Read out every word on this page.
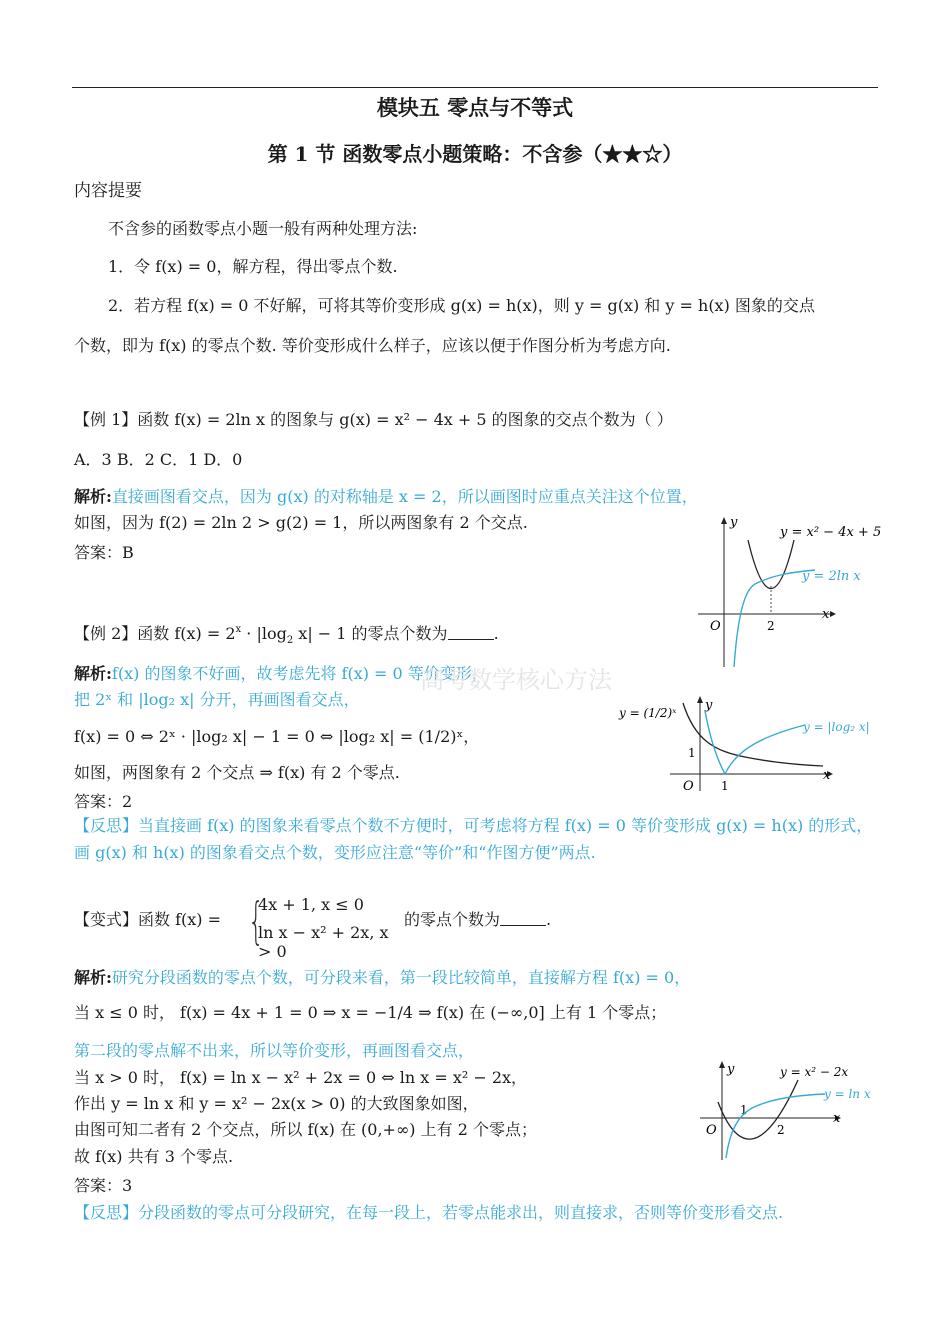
模块五 零点与不等式
第 1 节 函数零点小题策略：不含参（★★☆）
内容提要
不含参的函数零点小题一般有两种处理方法:
1．令 f(x) = 0，解方程，得出零点个数.
2．若方程 f(x) = 0 不好解，可将其等价变形成 g(x) = h(x)，则 y = g(x) 和 y = h(x) 图象的交点
个数，即为 f(x) 的零点个数. 等价变形成什么样子，应该以便于作图分析为考虑方向.
【例 1】函数 f(x) = 2ln x 的图象与 g(x) = x² − 4x + 5 的图象的交点个数为（ ）
A．3 B．2 C．1 D．0
解析:直接画图看交点，因为 g(x) 的对称轴是 x = 2，所以画图时应重点关注这个位置，
如图，因为 f(2) = 2ln 2 > g(2) = 1，所以两图象有 2 个交点.
答案：B
y
x
O	2
y = x² − 4x + 5
y = 2ln x
【例 2】函数 $f(x) = 2^x \cdot |\log_2$ x| − 1 的零点个数为	.
解析:f(x) 的图象不好画，故考虑先将 f(x) = 0 等价变形，
高考数学核心方法
把 2ˣ 和 |log₂ x| 分开，再画图看交点，
f(x) = 0 ⇔ 2ˣ · |log₂ x| − 1 = 0 ⇔ |log₂ x| = (1/2)ˣ，
如图，两图象有 2 个交点 ⇒ f(x) 有 2 个零点.
答案：2
【反思】当直接画 f(x) 的图象来看零点个数不方便时，可考虑将方程 f(x) = 0 等价变形成 g(x) = h(x) 的形式，
画 g(x) 和 h(x) 的图象看交点个数，变形应注意“等价”和“作图方便”两点.
y
x
O 1
1
y = (1/2)ˣ
y = |log₂ x|
【变式】函数 f(x) = {
4x + 1, x ≤ 0
ln x − x² + 2x, x > 0
的零点个数为	.
解析:研究分段函数的零点个数，可分段来看，第一段比较简单，直接解方程 f(x) = 0，
当 x ≤ 0 时， f(x) = 4x + 1 = 0 ⇒ x = −1/4 ⇒ f(x) 在 (−∞,0] 上有 1 个零点；
第二段的零点解不出来，所以等价变形，再画图看交点，
当 x > 0 时， f(x) = ln x − x² + 2x = 0 ⇔ ln x = x² − 2x，
作出 y = ln x 和 y = x² − 2x(x > 0) 的大致图象如图，
由图可知二者有 2 个交点，所以 f(x) 在 (0,+∞) 上有 2 个零点；
故 f(x) 共有 3 个零点.
答案：3
【反思】分段函数的零点可分段研究，在每一段上，若零点能求出，则直接求，否则等价变形看交点.
y
x
O	2
1
y = x² − 2x
y = ln x
